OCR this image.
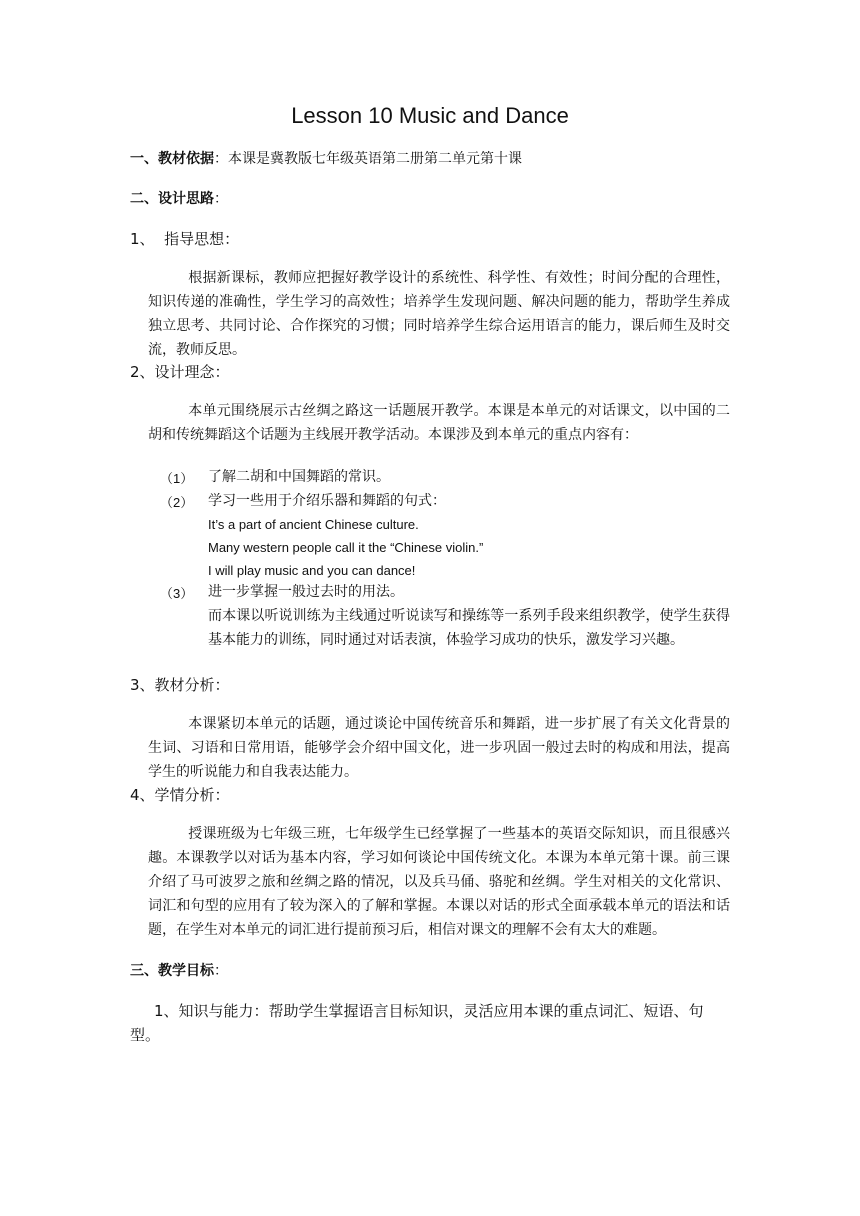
Lesson 10 Music and Dance
一、教材依据：本课是冀教版七年级英语第二册第二单元第十课
二、设计思路：
1、 指导思想：
根据新课标，教师应把握好教学设计的系统性、科学性、有效性；时间分配的合理性，知识传递的准确性，学生学习的高效性；培养学生发现问题、解决问题的能力，帮助学生养成独立思考、共同讨论、合作探究的习惯；同时培养学生综合运用语言的能力，课后师生及时交流，教师反思。
2、设计理念：
本单元围绕展示古丝绸之路这一话题展开教学。本课是本单元的对话课文，以中国的二胡和传统舞蹈这个话题为主线展开教学活动。本课涉及到本单元的重点内容有：
（1） 了解二胡和中国舞蹈的常识。
（2） 学习一些用于介绍乐器和舞蹈的句式：
It’s a part of ancient Chinese culture.
Many western people call it the “Chinese violin.”
I will play music and you can dance!
（3） 进一步掌握一般过去时的用法。
而本课以听说训练为主线通过听说读写和操练等一系列手段来组织教学，使学生获得基本能力的训练，同时通过对话表演，体验学习成功的快乐，激发学习兴趣。
3、教材分析：
本课紧切本单元的话题，通过谈论中国传统音乐和舞蹈，进一步扩展了有关文化背景的生词、习语和日常用语，能够学会介绍中国文化，进一步巩固一般过去时的构成和用法，提高学生的听说能力和自我表达能力。
4、学情分析：
授课班级为七年级三班，七年级学生已经掌握了一些基本的英语交际知识，而且很感兴趣。本课教学以对话为基本内容，学习如何谈论中国传统文化。本课为本单元第十课。前三课介绍了马可波罗之旅和丝绸之路的情况，以及兵马俑、骆驼和丝绸。学生对相关的文化常识、词汇和句型的应用有了较为深入的了解和掌握。本课以对话的形式全面承载本单元的语法和话题，在学生对本单元的词汇进行提前预习后，相信对课文的理解不会有太大的难题。
三、教学目标：
1、知识与能力：帮助学生掌握语言目标知识，灵活应用本课的重点词汇、短语、句
型。
